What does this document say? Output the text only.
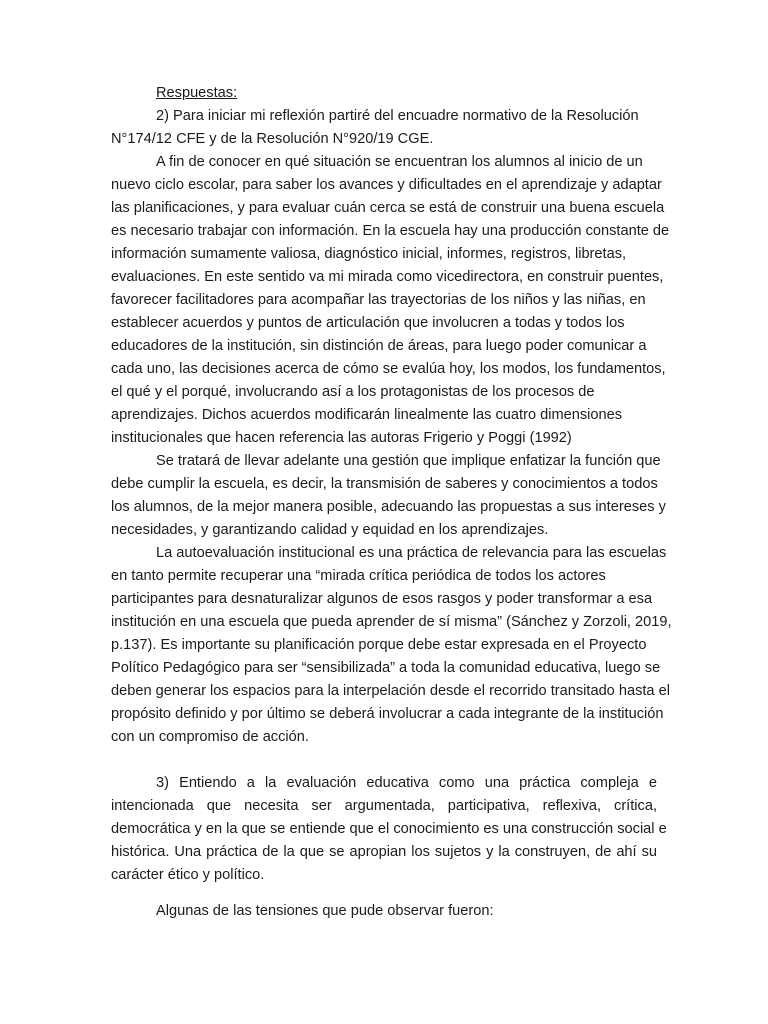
Respuestas:
2) Para iniciar mi reflexión partiré del encuadre normativo de la Resolución
N°174/12 CFE y de la Resolución N°920/19 CGE.
A fin de conocer en qué situación se encuentran los alumnos al inicio de un
nuevo ciclo escolar, para saber los avances y dificultades en el aprendizaje y adaptar
las planificaciones, y para evaluar cuán cerca se está de construir una buena escuela
es necesario trabajar con información. En la escuela hay una producción constante de
información sumamente valiosa, diagnóstico inicial, informes, registros, libretas,
evaluaciones. En este sentido va mi mirada como vicedirectora, en construir puentes,
favorecer facilitadores para acompañar las trayectorias de los niños y las niñas, en
establecer acuerdos y puntos de articulación que involucren a todas y todos los
educadores de la institución, sin distinción de áreas, para luego poder comunicar a
cada uno, las decisiones acerca de cómo se evalúa hoy, los modos, los fundamentos,
el qué y el porqué, involucrando así a los protagonistas de los procesos de
aprendizajes. Dichos acuerdos modificarán linealmente las cuatro dimensiones
institucionales que hacen referencia las autoras Frigerio y Poggi (1992)
Se tratará de llevar adelante una gestión que implique enfatizar la función que
debe cumplir la escuela, es decir, la transmisión de saberes y conocimientos a todos
los alumnos, de la mejor manera posible, adecuando las propuestas a sus intereses y
necesidades, y garantizando calidad y equidad en los aprendizajes.
La autoevaluación institucional es una práctica de relevancia para las escuelas
en tanto permite recuperar una “mirada crítica periódica de todos los actores
participantes para desnaturalizar algunos de esos rasgos y poder transformar a esa
institución en una escuela que pueda aprender de sí misma” (Sánchez y Zorzoli, 2019,
p.137). Es importante su planificación porque debe estar expresada en el Proyecto
Político Pedagógico para ser “sensibilizada” a toda la comunidad educativa, luego se
deben generar los espacios para la interpelación desde el recorrido transitado hasta el
propósito definido y por último se deberá involucrar a cada integrante de la institución
con un compromiso de acción.
3) Entiendo a la evaluación educativa como una práctica compleja e
intencionada que necesita ser argumentada, participativa, reflexiva, crítica,
democrática y en la que se entiende que el conocimiento es una construcción social e
histórica. Una práctica de la que se apropian los sujetos y la construyen, de ahí su
carácter ético y político.
Algunas de las tensiones que pude observar fueron:
